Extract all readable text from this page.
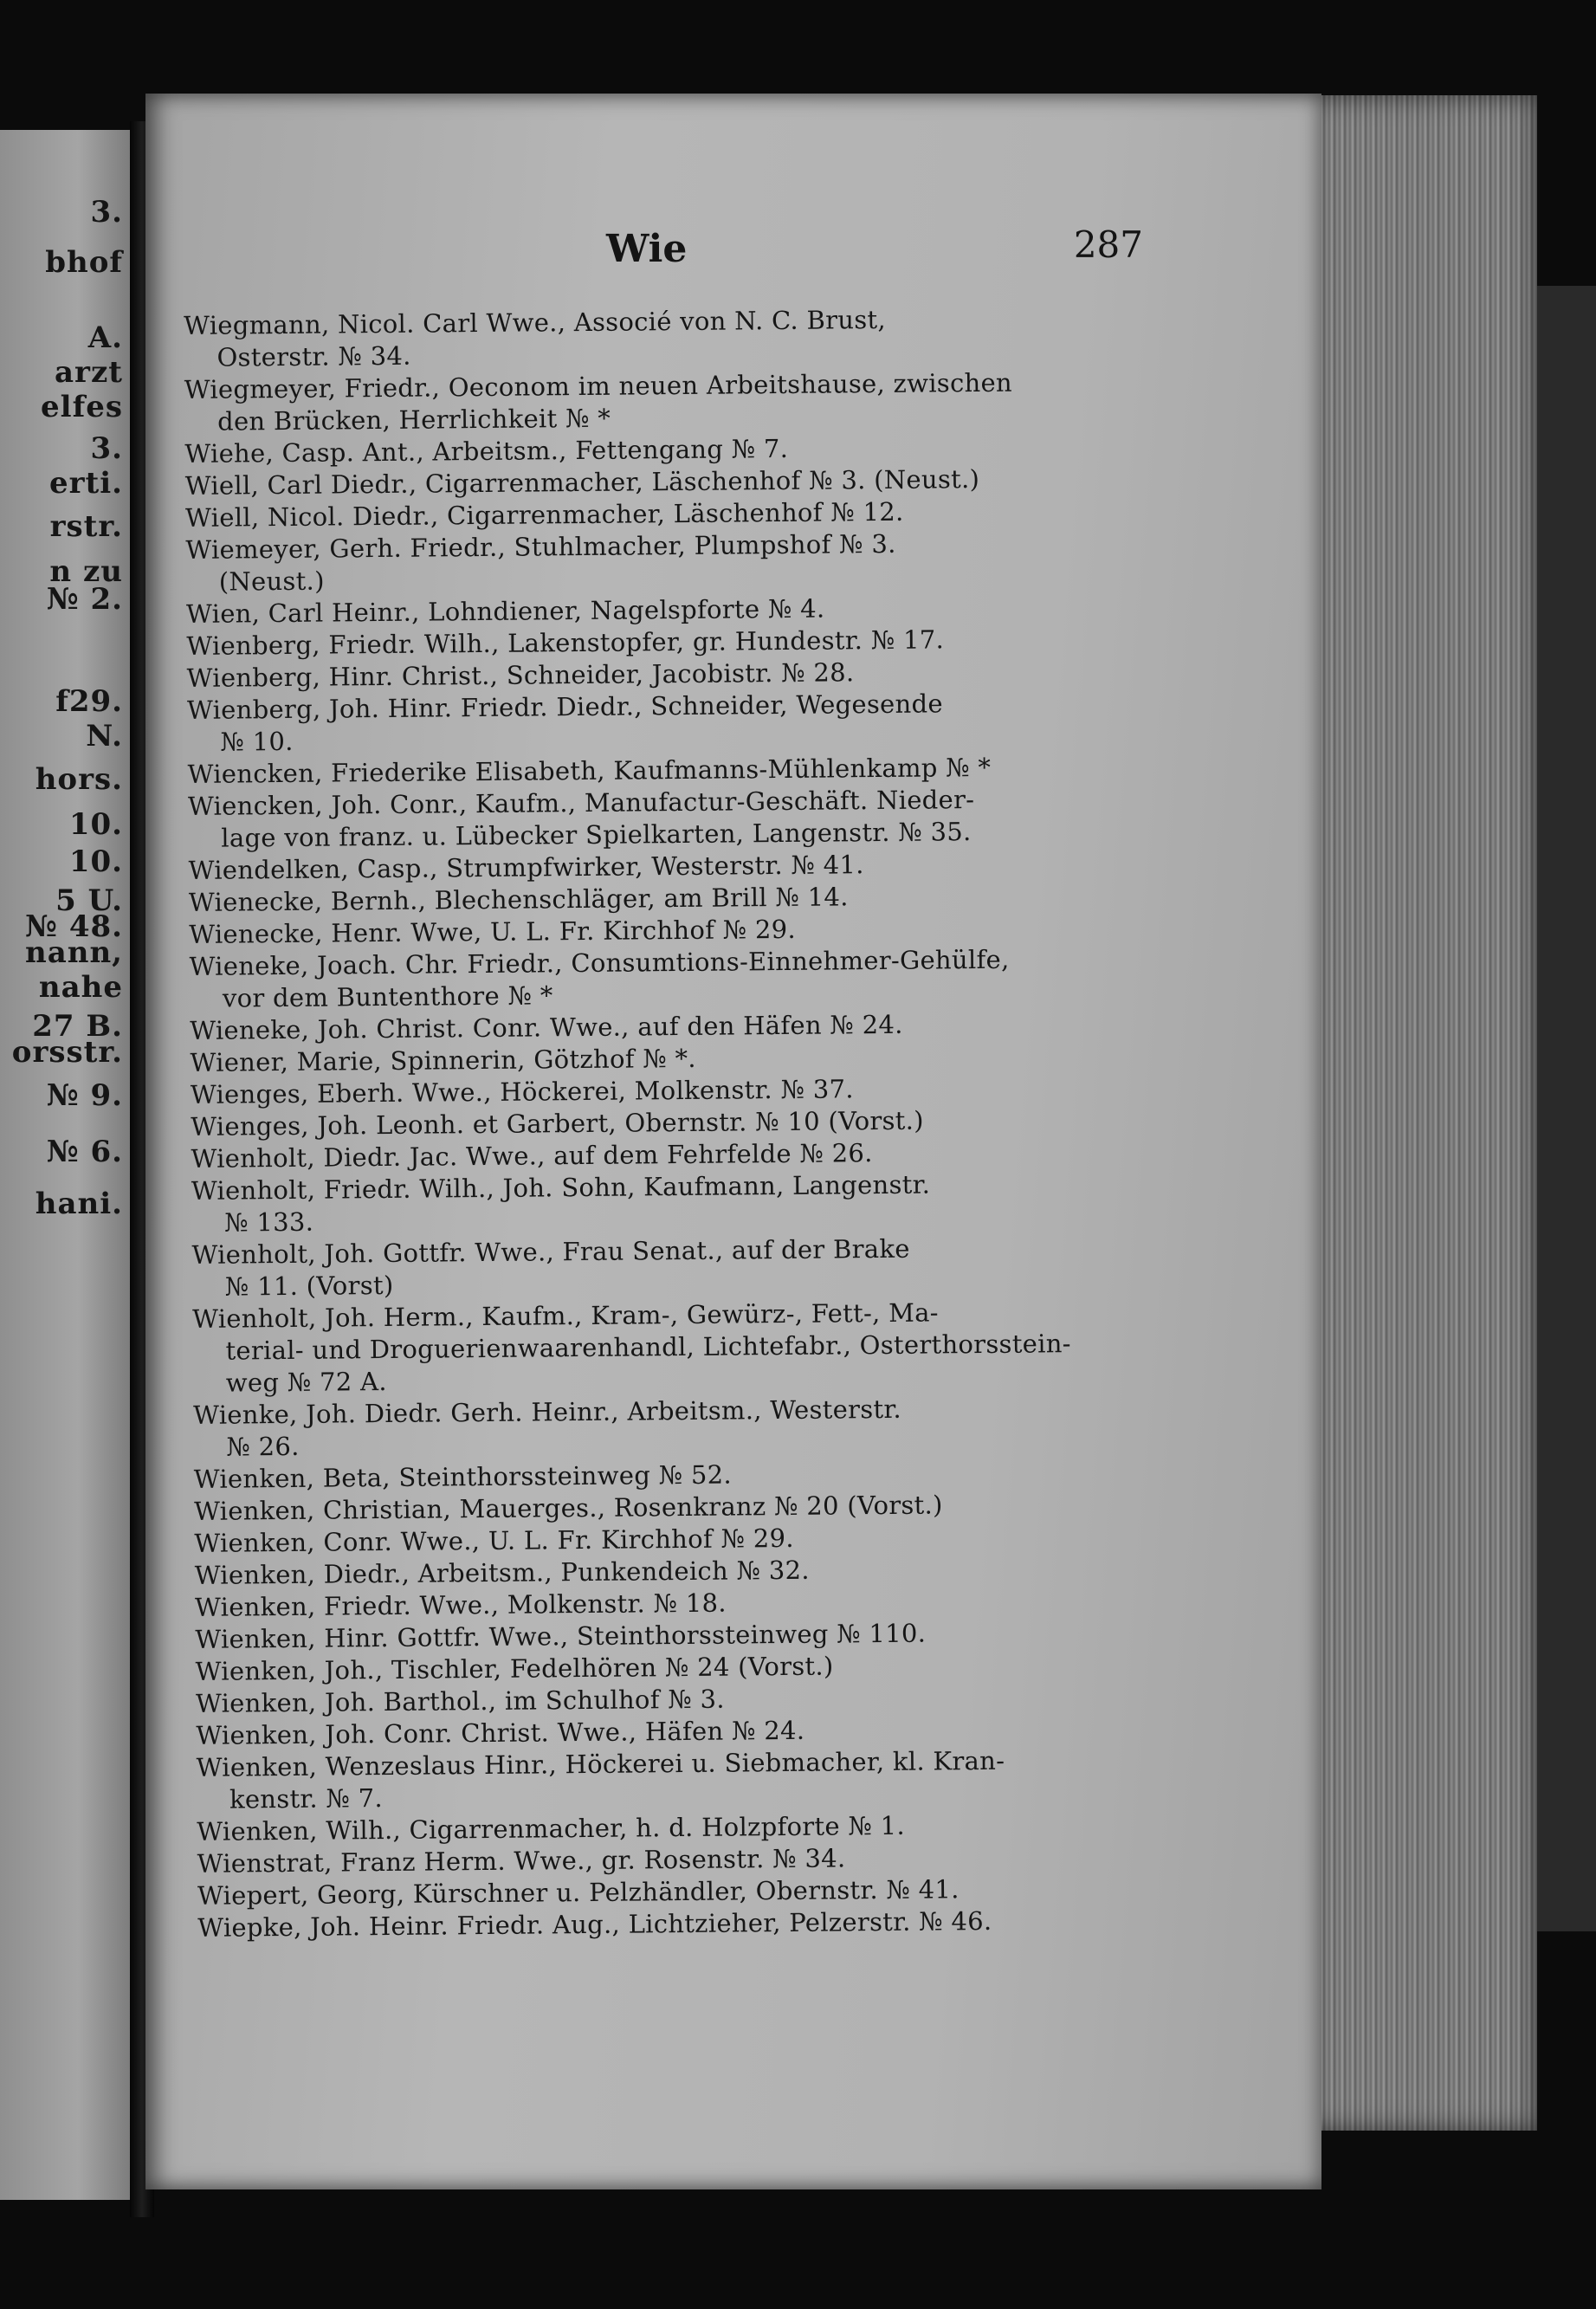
3.
bhof
A.
arzt
elfes
3.
erti.
rstr.
n zu
№ 2.
f29.
N.
hors.
10.
10.
5 U.
№ 48.
nann,
nahe
27 B.
orsstr.
№ 9.
№ 6.
hani.
Wie	287
Wiegmann, Nicol. Carl Wwe., Associé von N. C. Brust,
Osterstr. № 34.
Wiegmeyer, Friedr., Oeconom im neuen Arbeitshause, zwischen
den Brücken, Herrlichkeit № *
Wiehe, Casp. Ant., Arbeitsm., Fettengang № 7.
Wiell, Carl Diedr., Cigarrenmacher, Läschenhof № 3. (Neust.)
Wiell, Nicol. Diedr., Cigarrenmacher, Läschenhof № 12.
Wiemeyer, Gerh. Friedr., Stuhlmacher, Plumpshof № 3.
(Neust.)
Wien, Carl Heinr., Lohndiener, Nagelspforte № 4.
Wienberg, Friedr. Wilh., Lakenstopfer, gr. Hundestr. № 17.
Wienberg, Hinr. Christ., Schneider, Jacobistr. № 28.
Wienberg, Joh. Hinr. Friedr. Diedr., Schneider, Wegesende
№ 10.
Wiencken, Friederike Elisabeth, Kaufmanns-Mühlenkamp № *
Wiencken, Joh. Conr., Kaufm., Manufactur-Geschäft. Nieder-
lage von franz. u. Lübecker Spielkarten, Langenstr. № 35.
Wiendelken, Casp., Strumpfwirker, Westerstr. № 41.
Wienecke, Bernh., Blechenschläger, am Brill № 14.
Wienecke, Henr. Wwe, U. L. Fr. Kirchhof № 29.
Wieneke, Joach. Chr. Friedr., Consumtions-Einnehmer-Gehülfe,
vor dem Buntenthore № *
Wieneke, Joh. Christ. Conr. Wwe., auf den Häfen № 24.
Wiener, Marie, Spinnerin, Götzhof № *.
Wienges, Eberh. Wwe., Höckerei, Molkenstr. № 37.
Wienges, Joh. Leonh. et Garbert, Obernstr. № 10 (Vorst.)
Wienholt, Diedr. Jac. Wwe., auf dem Fehrfelde № 26.
Wienholt, Friedr. Wilh., Joh. Sohn, Kaufmann, Langenstr.
№ 133.
Wienholt, Joh. Gottfr. Wwe., Frau Senat., auf der Brake
№ 11. (Vorst)
Wienholt, Joh. Herm., Kaufm., Kram-, Gewürz-, Fett-, Ma-
terial- und Droguerienwaarenhandl, Lichtefabr., Osterthorsstein-
weg № 72 A.
Wienke, Joh. Diedr. Gerh. Heinr., Arbeitsm., Westerstr.
№ 26.
Wienken, Beta, Steinthorssteinweg № 52.
Wienken, Christian, Mauerges., Rosenkranz № 20 (Vorst.)
Wienken, Conr. Wwe., U. L. Fr. Kirchhof № 29.
Wienken, Diedr., Arbeitsm., Punkendeich № 32.
Wienken, Friedr. Wwe., Molkenstr. № 18.
Wienken, Hinr. Gottfr. Wwe., Steinthorssteinweg № 110.
Wienken, Joh., Tischler, Fedelhören № 24 (Vorst.)
Wienken, Joh. Barthol., im Schulhof № 3.
Wienken, Joh. Conr. Christ. Wwe., Häfen № 24.
Wienken, Wenzeslaus Hinr., Höckerei u. Siebmacher, kl. Kran-
kenstr. № 7.
Wienken, Wilh., Cigarrenmacher, h. d. Holzpforte № 1.
Wienstrat, Franz Herm. Wwe., gr. Rosenstr. № 34.
Wiepert, Georg, Kürschner u. Pelzhändler, Obernstr. № 41.
Wiepke, Joh. Heinr. Friedr. Aug., Lichtzieher, Pelzerstr. № 46.
